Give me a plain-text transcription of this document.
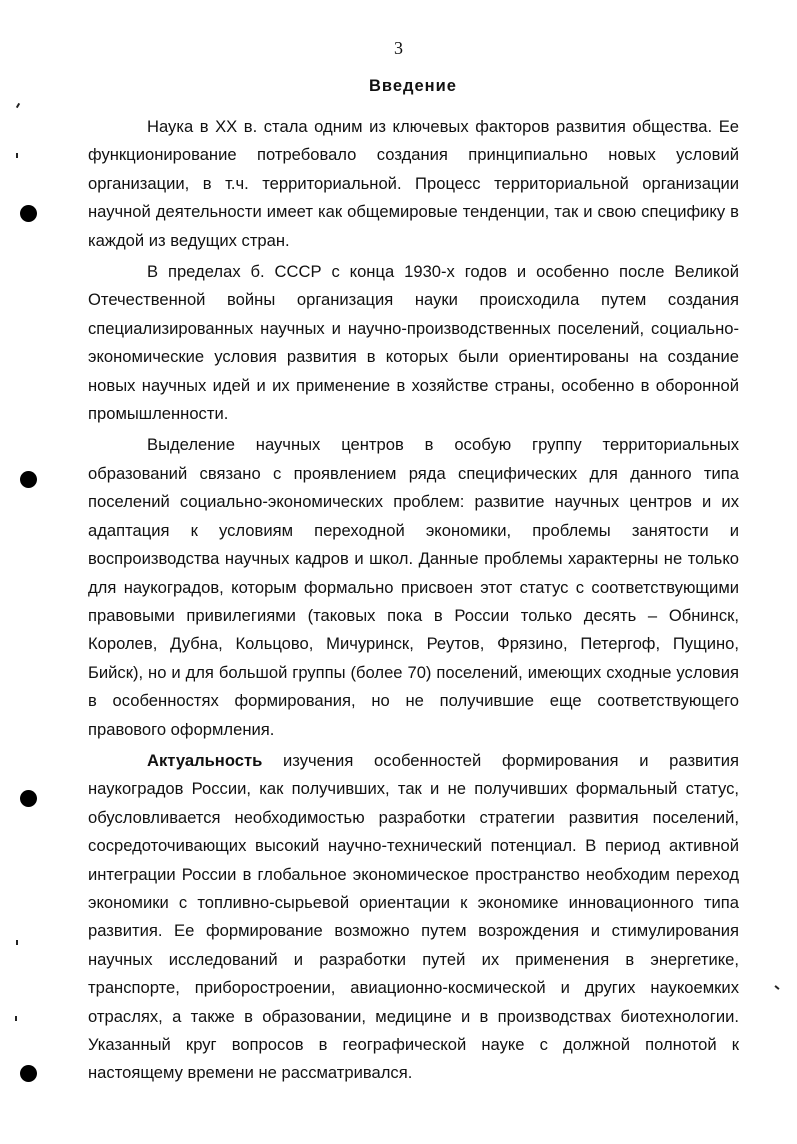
3
Введение

Наука в XX в. стала одним из ключевых факторов развития общества. Ее функционирование потребовало создания принципиально новых условий организации, в т.ч. территориальной. Процесс территориальной организации научной деятельности имеет как общемировые тенденции, так и свою специфику в каждой из ведущих стран.

В пределах б. СССР с конца 1930-х годов и особенно после Великой Отечественной войны организация науки происходила путем создания специализированных научных и научно-производственных поселений, социально-экономические условия развития в которых были ориентированы на создание новых научных идей и их применение в хозяйстве страны, особенно в оборонной промышленности.

Выделение научных центров в особую группу территориальных образований связано с проявлением ряда специфических для данного типа поселений социально-экономических проблем: развитие научных центров и их адаптация к условиям переходной экономики, проблемы занятости и воспроизводства научных кадров и школ. Данные проблемы характерны не только для наукоградов, которым формально присвоен этот статус с соответствующими правовыми привилегиями (таковых пока в России только десять – Обнинск, Королев, Дубна, Кольцово, Мичуринск, Реутов, Фрязино, Петергоф, Пущино, Бийск), но и для большой группы (более 70) поселений, имеющих сходные условия в особенностях формирования, но не получившие еще соответствующего правового оформления.

Актуальность изучения особенностей формирования и развития наукоградов России, как получивших, так и не получивших формальный статус, обусловливается необходимостью разработки стратегии развития поселений, сосредоточивающих высокий научно-технический потенциал. В период активной интеграции России в глобальное экономическое пространство необходим переход экономики с топливно-сырьевой ориентации к экономике инновационного типа развития. Ее формирование возможно путем возрождения и стимулирования научных исследований и разработки путей их применения в энергетике, транспорте, приборостроении, авиационно-космической и других наукоемких отраслях, а также в образовании, медицине и в производствах биотехнологии. Указанный круг вопросов в географической науке с должной полнотой к настоящему времени не рассматривался.
